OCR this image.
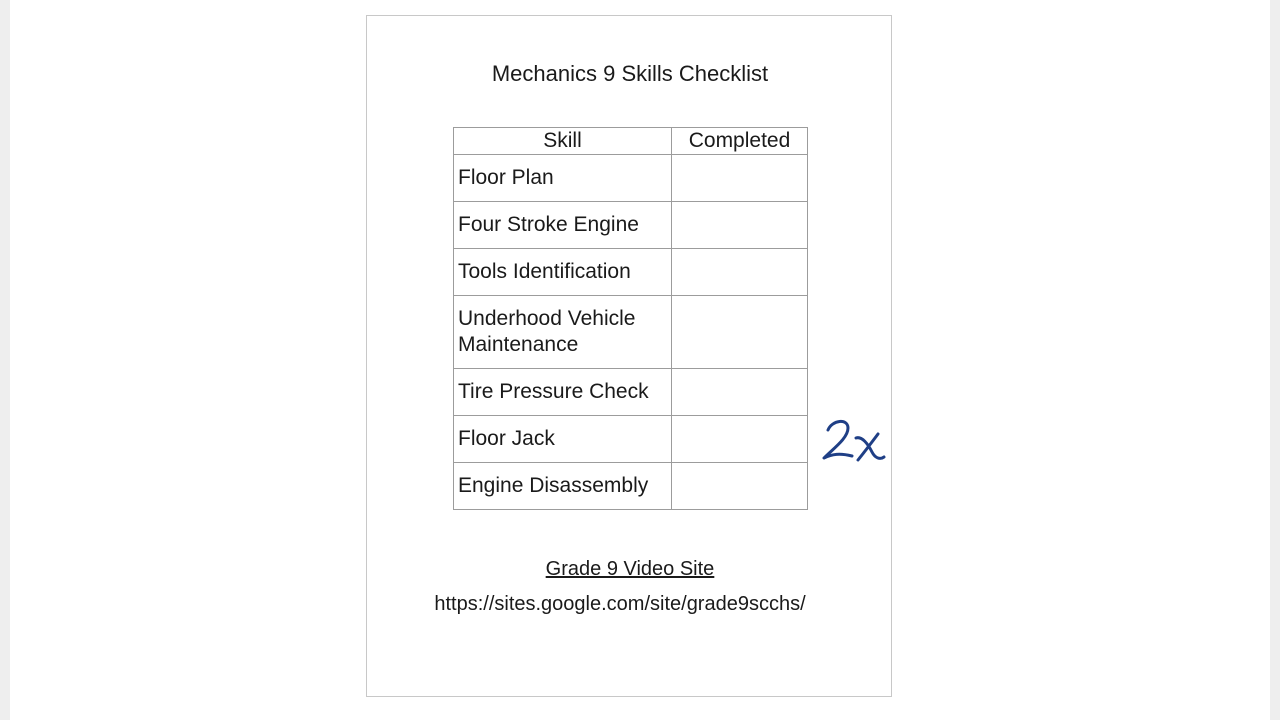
Mechanics 9 Skills Checklist
Skill	Completed
Floor Plan	
Four Stroke Engine	
Tools Identification	
Underhood Vehicle Maintenance	
Tire Pressure Check	
Floor Jack	
Engine Disassembly	
Grade 9 Video Site
https://sites.google.com/site/grade9scchs/
